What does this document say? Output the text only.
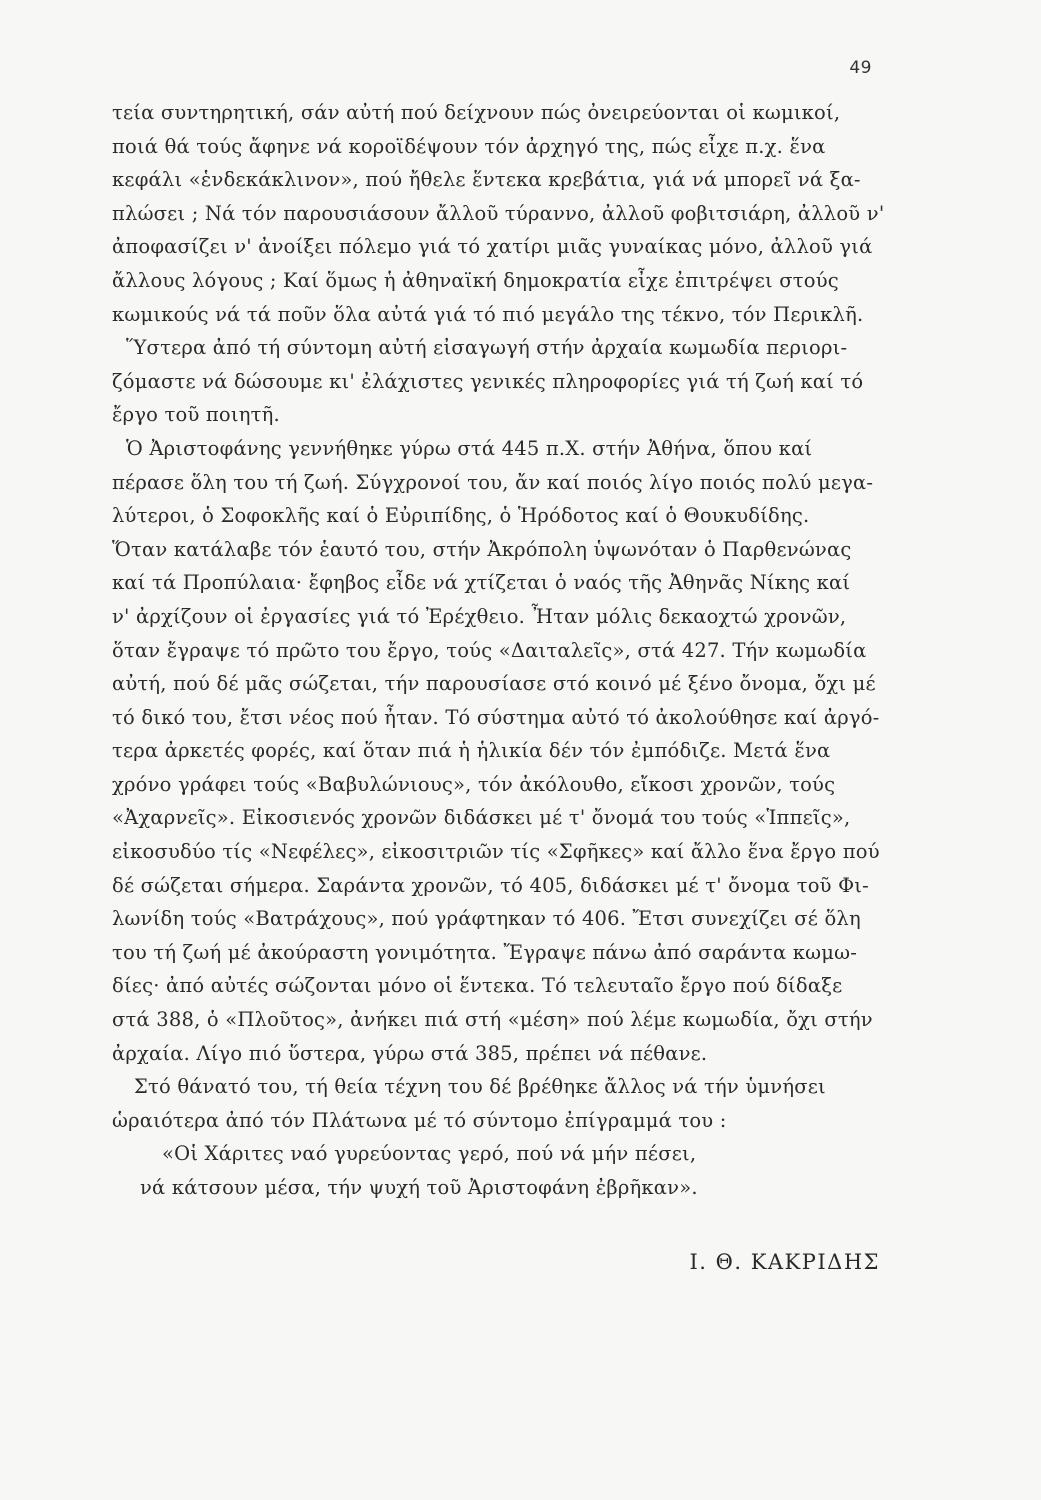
49
τεία συντηρητική, σάν αὐτή πού δείχνουν πώς ὀνειρεύονται οἱ κωμικοί,
ποιά θά τούς ἄφηνε νά κοροϊδέψουν τόν ἀρχηγό της, πώς εἶχε π.χ. ἕνα
κεφάλι «ἑνδεκάκλινον», πού ἤθελε ἕντεκα κρεβάτια, γιά νά μπορεῖ νά ξα-
πλώσει ; Νά τόν παρουσιάσουν ἄλλοῦ τύραννο, ἀλλοῦ φοβιτσιάρη, ἀλλοῦ ν'
ἀποφασίζει ν' ἀνοίξει πόλεμο γιά τό χατίρι μιᾶς γυναίκας μόνο, ἀλλοῦ γιά
ἄλλους λόγους ; Καί ὅμως ἡ ἀθηναϊκή δημοκρατία εἶχε ἐπιτρέψει στούς
κωμικούς νά τά ποῦν ὅλα αὐτά γιά τό πιό μεγάλο της τέκνο, τόν Περικλῆ.
Ὕστερα ἀπό τή σύντομη αὐτή εἰσαγωγή στήν ἀρχαία κωμωδία περιορι-
ζόμαστε νά δώσουμε κι' ἐλάχιστες γενικές πληροφορίες γιά τή ζωή καί τό
ἔργο τοῦ ποιητῆ.
Ὁ Ἀριστοφάνης γεννήθηκε γύρω στά 445 π.Χ. στήν Ἀθήνα, ὅπου καί
πέρασε ὅλη του τή ζωή. Σύγχρονοί του, ἄν καί ποιός λίγο ποιός πολύ μεγα-
λύτεροι, ὁ Σοφοκλῆς καί ὁ Εὐριπίδης, ὁ Ἡρόδοτος καί ὁ Θουκυδίδης.
Ὅταν κατάλαβε τόν ἑαυτό του, στήν Ἀκρόπολη ὑψωνόταν ὁ Παρθενώνας
καί τά Προπύλαια· ἔφηβος εἶδε νά χτίζεται ὁ ναός τῆς Ἀθηνᾶς Νίκης καί
ν' ἀρχίζουν οἱ ἐργασίες γιά τό Ἐρέχθειο. Ἦταν μόλις δεκαοχτώ χρονῶν,
ὅταν ἔγραψε τό πρῶτο του ἔργο, τούς «Δαιταλεῖς», στά 427. Τήν κωμωδία
αὐτή, πού δέ μᾶς σώζεται, τήν παρουσίασε στό κοινό μέ ξένο ὄνομα, ὄχι μέ
τό δικό του, ἔτσι νέος πού ἦταν. Τό σύστημα αὐτό τό ἀκολούθησε καί ἀργό-
τερα ἀρκετές φορές, καί ὅταν πιά ἡ ἡλικία δέν τόν ἐμπόδιζε. Μετά ἕνα
χρόνο γράφει τούς «Βαβυλώνιους», τόν ἀκόλουθο, εἴκοσι χρονῶν, τούς
«Ἀχαρνεῖς». Εἰκοσιενός χρονῶν διδάσκει μέ τ' ὄνομά του τούς «Ἱππεῖς»,
εἰκοσυδύο τίς «Νεφέλες», εἰκοσιτριῶν τίς «Σφῆκες» καί ἄλλο ἕνα ἔργο πού
δέ σώζεται σήμερα. Σαράντα χρονῶν, τό 405, διδάσκει μέ τ' ὄνομα τοῦ Φι-
λωνίδη τούς «Βατράχους», πού γράφτηκαν τό 406. Ἔτσι συνεχίζει σέ ὅλη
του τή ζωή μέ ἀκούραστη γονιμότητα. Ἔγραψε πάνω ἀπό σαράντα κωμω-
δίες· ἀπό αὐτές σώζονται μόνο οἱ ἕντεκα. Τό τελευταῖο ἔργο πού δίδαξε
στά 388, ὁ «Πλοῦτος», ἀνήκει πιά στή «μέση» πού λέμε κωμωδία, ὄχι στήν
ἀρχαία. Λίγο πιό ὕστερα, γύρω στά 385, πρέπει νά πέθανε.
Στό θάνατό του, τή θεία τέχνη του δέ βρέθηκε ἄλλος νά τήν ὑμνήσει
ὡραιότερα ἀπό τόν Πλάτωνα μέ τό σύντομο ἐπίγραμμά του :
«Οἱ Χάριτες ναό γυρεύοντας γερό, πού νά μήν πέσει,
νά κάτσουν μέσα, τήν ψυχή τοῦ Ἀριστοφάνη ἐβρῆκαν».
Ι. Θ. ΚΑΚΡΙΔΗΣ
